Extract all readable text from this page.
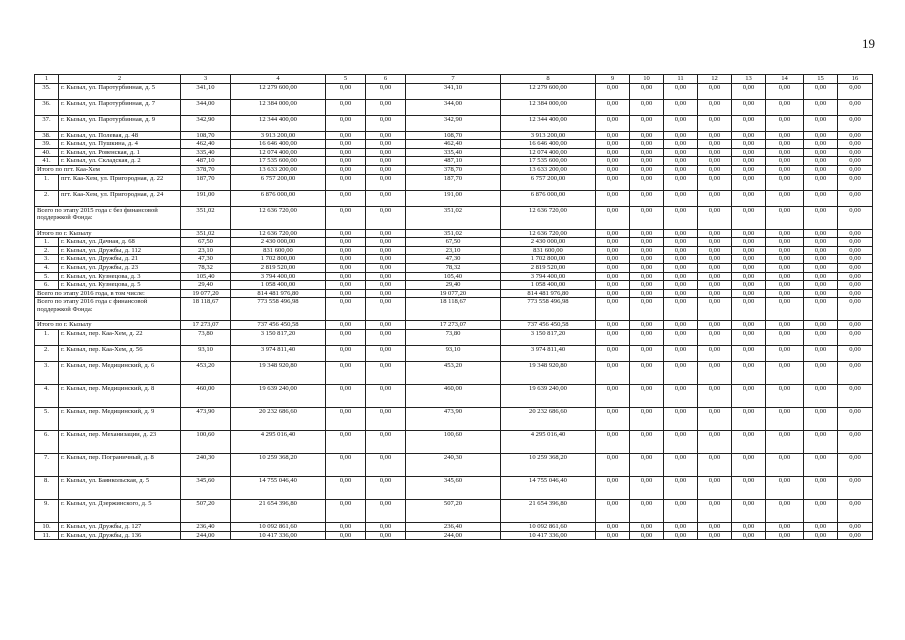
19
1	2	3	4	5	6	7	8	9	10	11	12	13	14	15	16
35.	г. Кызыл, ул. Паротурбинная, д. 5	341,10	12 279 600,00	0,00	0,00	341,10	12 279 600,00	0,00	0,00	0,00	0,00	0,00	0,00	0,00	0,00
36.	г. Кызыл, ул. Паротурбинная, д. 7	344,00	12 384 000,00	0,00	0,00	344,00	12 384 000,00	0,00	0,00	0,00	0,00	0,00	0,00	0,00	0,00
37.	г. Кызыл, ул. Паротурбинная, д. 9	342,90	12 344 400,00	0,00	0,00	342,90	12 344 400,00	0,00	0,00	0,00	0,00	0,00	0,00	0,00	0,00
38.	г. Кызыл, ул. Полевая, д. 48	108,70	3 913 200,00	0,00	0,00	108,70	3 913 200,00	0,00	0,00	0,00	0,00	0,00	0,00	0,00	0,00
39.	г. Кызыл, ул. Пушкина, д. 4	462,40	16 646 400,00	0,00	0,00	462,40	16 646 400,00	0,00	0,00	0,00	0,00	0,00	0,00	0,00	0,00
40.	г. Кызыл, ул. Ровенская, д. 1	335,40	12 074 400,00	0,00	0,00	335,40	12 074 400,00	0,00	0,00	0,00	0,00	0,00	0,00	0,00	0,00
41.	г. Кызыл, ул. Складская, д. 2	487,10	17 535 600,00	0,00	0,00	487,10	17 535 600,00	0,00	0,00	0,00	0,00	0,00	0,00	0,00	0,00
Итого по пгт. Каа-Хем		378,70	13 633 200,00	0,00	0,00	378,70	13 633 200,00	0,00	0,00	0,00	0,00	0,00	0,00	0,00	0,00
1.	пгт. Каа-Хем, ул. Пригородная, д. 22	187,70	6 757 200,00	0,00	0,00	187,70	6 757 200,00	0,00	0,00	0,00	0,00	0,00	0,00	0,00	0,00
2.	пгт. Каа-Хем, ул. Пригородная, д. 24	191,00	6 876 000,00	0,00	0,00	191,00	6 876 000,00	0,00	0,00	0,00	0,00	0,00	0,00	0,00	0,00
Всего по этапу 2015 года с без финансовой поддержкой Фонда:		351,02	12 636 720,00	0,00	0,00	351,02	12 636 720,00	0,00	0,00	0,00	0,00	0,00	0,00	0,00	0,00
Итого по г. Кызылу		351,02	12 636 720,00	0,00	0,00	351,02	12 636 720,00	0,00	0,00	0,00	0,00	0,00	0,00	0,00	0,00
1.	г. Кызыл, ул. Дачная, д. 68	67,50	2 430 000,00	0,00	0,00	67,50	2 430 000,00	0,00	0,00	0,00	0,00	0,00	0,00	0,00	0,00
2.	г. Кызыл, ул. Дружбы, д. 112	23,10	831 600,00	0,00	0,00	23,10	831 600,00	0,00	0,00	0,00	0,00	0,00	0,00	0,00	0,00
3.	г. Кызыл, ул. Дружбы, д. 21	47,30	1 702 800,00	0,00	0,00	47,30	1 702 800,00	0,00	0,00	0,00	0,00	0,00	0,00	0,00	0,00
4.	г. Кызыл, ул. Дружбы, д. 23	78,32	2 819 520,00	0,00	0,00	78,32	2 819 520,00	0,00	0,00	0,00	0,00	0,00	0,00	0,00	0,00
5.	г. Кызыл, ул. Кузнецова, д. 3	105,40	3 794 400,00	0,00	0,00	105,40	3 794 400,00	0,00	0,00	0,00	0,00	0,00	0,00	0,00	0,00
6.	г. Кызыл, ул. Кузнецова, д. 5	29,40	1 058 400,00	0,00	0,00	29,40	1 058 400,00	0,00	0,00	0,00	0,00	0,00	0,00	0,00	0,00
Всего по этапу 2016 года, в том числе:		19 077,20	814 481 976,80	0,00	0,00	19 077,20	814 481 976,80	0,00	0,00	0,00	0,00	0,00	0,00	0,00	0,00
Всего по этапу 2016 года с финансовой поддержкой Фонда:		18 118,67	773 558 496,98	0,00	0,00	18 118,67	773 558 496,98	0,00	0,00	0,00	0,00	0,00	0,00	0,00	0,00
Итого по г. Кызылу		17 273,07	737 456 450,58	0,00	0,00	17 273,07	737 456 450,58	0,00	0,00	0,00	0,00	0,00	0,00	0,00	0,00
1.	г. Кызыл, пер. Каа-Хем, д. 22	73,80	3 150 817,20	0,00	0,00	73,80	3 150 817,20	0,00	0,00	0,00	0,00	0,00	0,00	0,00	0,00
2.	г. Кызыл, пер. Каа-Хем, д. 56	93,10	3 974 811,40	0,00	0,00	93,10	3 974 811,40	0,00	0,00	0,00	0,00	0,00	0,00	0,00	0,00
3.	г. Кызыл, пер. Медицинский, д. 6	453,20	19 348 920,80	0,00	0,00	453,20	19 348 920,80	0,00	0,00	0,00	0,00	0,00	0,00	0,00	0,00
4.	г. Кызыл, пер. Медицинский, д. 8	460,00	19 639 240,00	0,00	0,00	460,00	19 639 240,00	0,00	0,00	0,00	0,00	0,00	0,00	0,00	0,00
5.	г. Кызыл, пер. Медицинский, д. 9	473,90	20 232 686,60	0,00	0,00	473,90	20 232 686,60	0,00	0,00	0,00	0,00	0,00	0,00	0,00	0,00
6.	г. Кызыл, пер. Механизации, д. 23	100,60	4 295 016,40	0,00	0,00	100,60	4 295 016,40	0,00	0,00	0,00	0,00	0,00	0,00	0,00	0,00
7.	г. Кызыл, пер. Пограничный, д. 8	240,30	10 259 368,20	0,00	0,00	240,30	10 259 368,20	0,00	0,00	0,00	0,00	0,00	0,00	0,00	0,00
8.	г. Кызыл, ул. Баянкольская, д. 5	345,60	14 755 046,40	0,00	0,00	345,60	14 755 046,40	0,00	0,00	0,00	0,00	0,00	0,00	0,00	0,00
9.	г. Кызыл, ул. Дзержинского, д. 5	507,20	21 654 396,80	0,00	0,00	507,20	21 654 396,80	0,00	0,00	0,00	0,00	0,00	0,00	0,00	0,00
10.	г. Кызыл, ул. Дружбы, д. 127	236,40	10 092 861,60	0,00	0,00	236,40	10 092 861,60	0,00	0,00	0,00	0,00	0,00	0,00	0,00	0,00
11.	г. Кызыл, ул. Дружбы, д. 136	244,00	10 417 336,00	0,00	0,00	244,00	10 417 336,00	0,00	0,00	0,00	0,00	0,00	0,00	0,00	0,00
